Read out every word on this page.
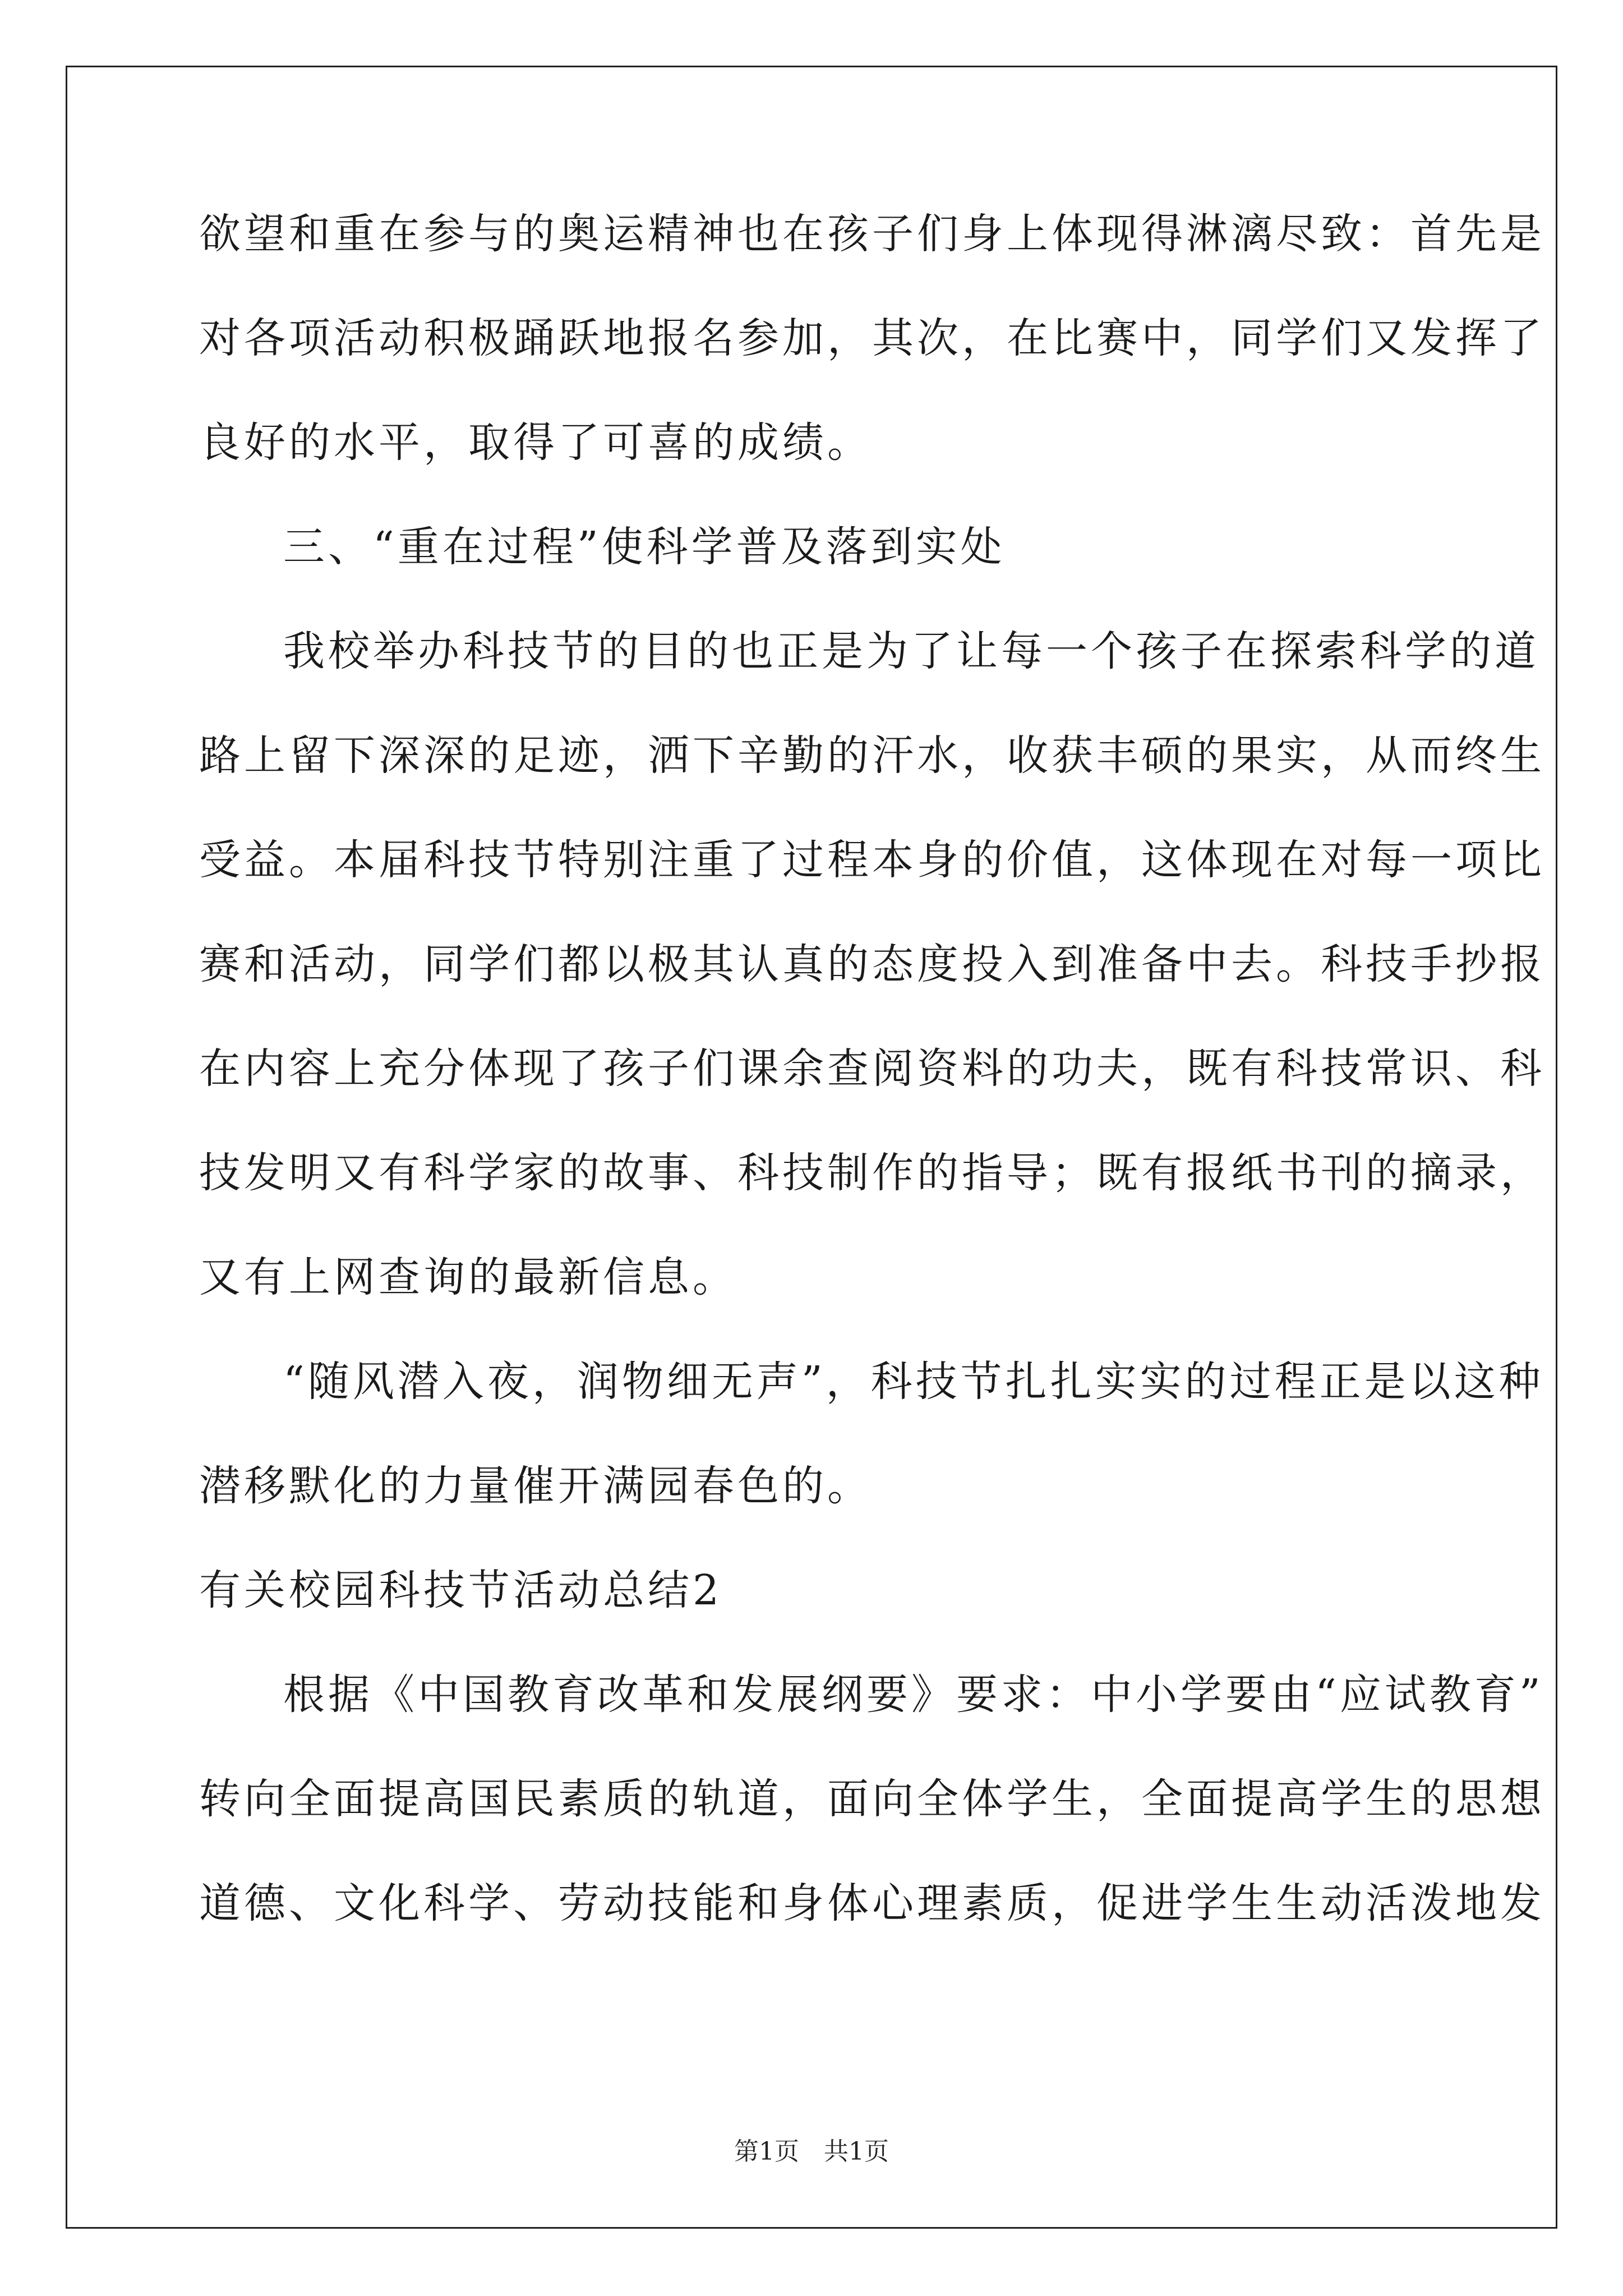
欲望和重在参与的奥运精神也在孩子们身上体现得淋漓尽致：首先是
对各项活动积极踊跃地报名参加，其次，在比赛中，同学们又发挥了
良好的水平，取得了可喜的成绩。
三、“重在过程”使科学普及落到实处
我校举办科技节的目的也正是为了让每一个孩子在探索科学的道
路上留下深深的足迹，洒下辛勤的汗水，收获丰硕的果实，从而终生
受益。本届科技节特别注重了过程本身的价值，这体现在对每一项比
赛和活动，同学们都以极其认真的态度投入到准备中去。科技手抄报
在内容上充分体现了孩子们课余查阅资料的功夫，既有科技常识、科
技发明又有科学家的故事、科技制作的指导；既有报纸书刊的摘录，
又有上网查询的最新信息。
“随风潜入夜，润物细无声”，科技节扎扎实实的过程正是以这种
潜移默化的力量催开满园春色的。
有关校园科技节活动总结2
根据《中国教育改革和发展纲要》要求：中小学要由“应试教育”
转向全面提高国民素质的轨道，面向全体学生，全面提高学生的思想
道德、文化科学、劳动技能和身体心理素质，促进学生生动活泼地发
第1页　共1页
